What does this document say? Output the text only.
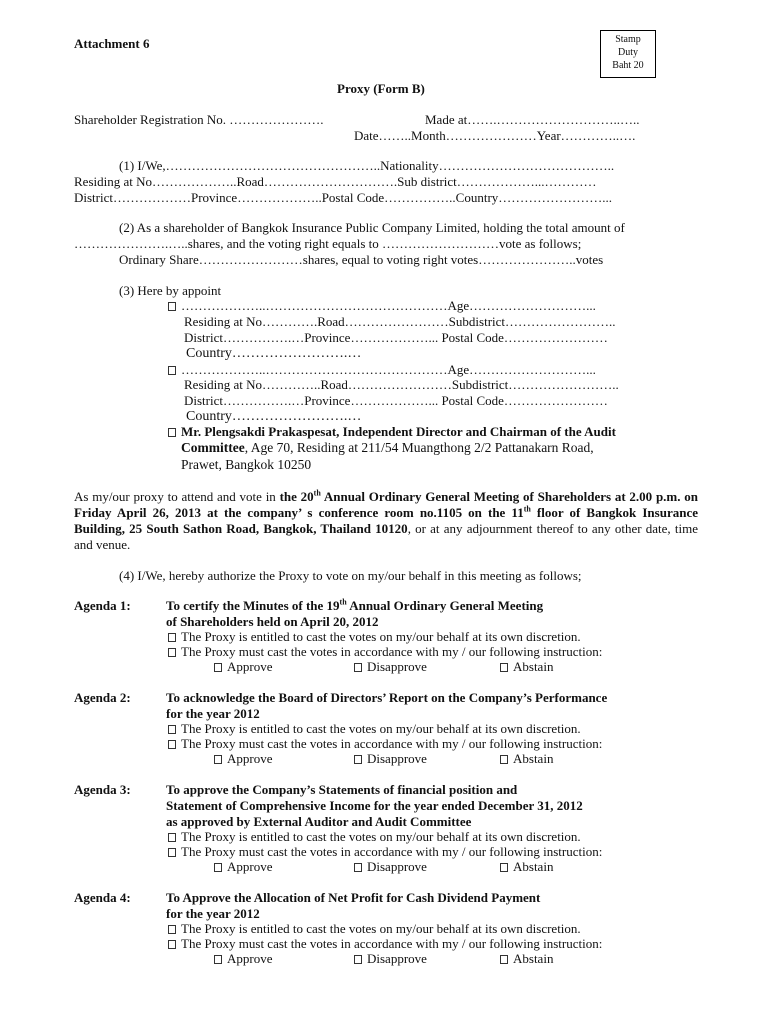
Attachment 6	Stamp
Duty
Baht 20
Proxy (Form B)
Shareholder Registration No. ………………….	Made at…….………………………..…..
Date……..Month…………………Year…………..….
(1) I/We,…………………………………………..Nationality…………………………………..
Residing at No………………..Road………………………….Sub district………………...…………
District………………Province………………..Postal Code……………..Country……………………...
(2) As a shareholder of Bangkok Insurance Public Company Limited, holding the total amount of
………………….…..shares, and the voting right equals to ………………………vote as follows;
Ordinary Share……………………shares, equal to voting right votes…………………..votes
(3) Here by appoint
………………..……………………………………Age………………………...
Residing at No………….Road……………………Subdistrict……………………..
District…………….…Province………………... Postal Code……………………
Country…………………….…
………………..……………………………………Age………………………...
Residing at No…………..Road……………………Subdistrict……………………..
District…………….…Province………………... Postal Code……………………
Country…………………….…
Mr. Plengsakdi Prakaspesat, Independent Director and Chairman of the Audit
Committee, Age 70, Residing at 211/54 Muangthong 2/2 Pattanakarn Road,
Prawet, Bangkok 10250
As my/our proxy to attend and vote in the 20th Annual Ordinary General Meeting of Shareholders at 2.00 p.m. on Friday April 26, 2013 at the company’ s conference room no.1105 on the 11th floor of Bangkok Insurance Building, 25 South Sathon Road, Bangkok, Thailand 10120, or at any adjournment thereof to any other date, time and venue.
(4) I/We, hereby authorize the Proxy to vote on my/our behalf in this meeting as follows;
Agenda 1:	To certify the Minutes of the 19th Annual Ordinary General Meeting
of Shareholders held on April 20, 2012
The Proxy is entitled to cast the votes on my/our behalf at its own discretion.
The Proxy must cast the votes in accordance with my / our following instruction:
Approve	Disapprove	Abstain
Agenda 2:	To acknowledge the Board of Directors’ Report on the Company’s Performance
for the year 2012
The Proxy is entitled to cast the votes on my/our behalf at its own discretion.
The Proxy must cast the votes in accordance with my / our following instruction:
Approve	Disapprove	Abstain
Agenda 3:	To approve the Company’s Statements of financial position and
Statement of Comprehensive Income for the year ended December 31, 2012
as approved by External Auditor and Audit Committee
The Proxy is entitled to cast the votes on my/our behalf at its own discretion.
The Proxy must cast the votes in accordance with my / our following instruction:
Approve	Disapprove	Abstain
Agenda 4:	To Approve the Allocation of Net Profit for Cash Dividend Payment
for the year 2012
The Proxy is entitled to cast the votes on my/our behalf at its own discretion.
The Proxy must cast the votes in accordance with my / our following instruction:
Approve	Disapprove	Abstain
